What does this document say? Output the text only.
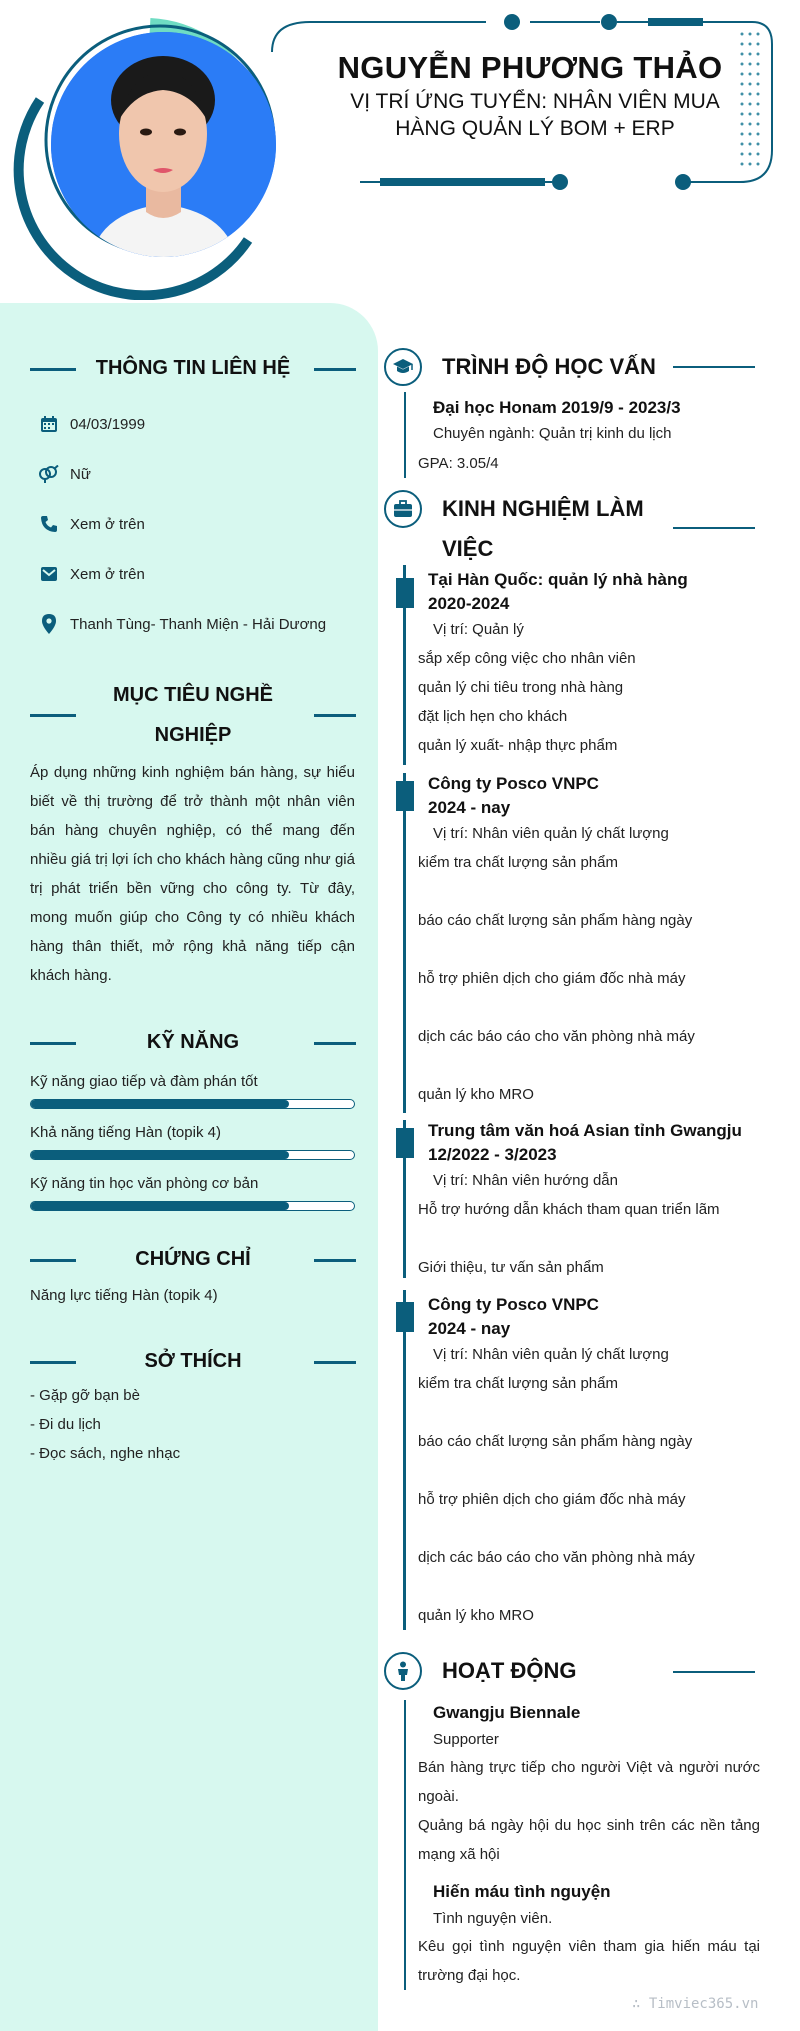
NGUYỄN PHƯƠNG THẢO
VỊ TRÍ ỨNG TUYỂN: NHÂN VIÊN MUA HÀNG QUẢN LÝ BOM + ERP
THÔNG TIN LIÊN HỆ
04/03/1999
Nữ
Xem ở trên
Xem ở trên
Thanh Tùng- Thanh Miện - Hải Dương
MỤC TIÊU NGHỀ
NGHIỆP
Áp dụng những kinh nghiệm bán hàng, sự hiểu biết về thị trường để trở thành một nhân viên bán hàng chuyên nghiệp, có thể mang đến nhiều giá trị lợi ích cho khách hàng cũng như giá trị phát triển bền vững cho công ty. Từ đây, mong muốn giúp cho Công ty có nhiều khách hàng thân thiết, mở rộng khả năng tiếp cận khách hàng.
KỸ NĂNG
Kỹ năng giao tiếp và đàm phán tốt
Khả năng tiếng Hàn (topik 4)
Kỹ năng tin học văn phòng cơ bản
CHỨNG CHỈ
Năng lực tiếng Hàn (topik 4)
SỞ THÍCH
- Gặp gỡ bạn bè
- Đi du lịch
- Đọc sách, nghe nhạc
TRÌNH ĐỘ HỌC VẤN
Đại học Honam 2019/9 - 2023/3
Chuyên ngành: Quản trị kinh du lịch
GPA: 3.05/4
KINH NGHIỆM LÀM
VIỆC
Tại Hàn Quốc: quản lý nhà hàng
2020-2024
Vị trí: Quản lý
sắp xếp công việc cho nhân viên
quản lý chi tiêu trong nhà hàng
đặt lịch hẹn cho khách
quản lý xuất- nhập thực phẩm
Công ty Posco VNPC
2024 - nay
Vị trí: Nhân viên quản lý chất lượng
kiểm tra chất lượng sản phẩm
báo cáo chất lượng sản phẩm hàng ngày
hỗ trợ phiên dịch cho giám đốc nhà máy
dịch các báo cáo cho văn phòng nhà máy
quản lý kho MRO
Trung tâm văn hoá Asian tỉnh Gwangju
12/2022 - 3/2023
Vị trí: Nhân viên hướng dẫn
Hỗ trợ hướng dẫn khách tham quan triển lãm
Giới thiệu, tư vấn sản phẩm
Công ty Posco VNPC
2024 - nay
Vị trí: Nhân viên quản lý chất lượng
kiểm tra chất lượng sản phẩm
báo cáo chất lượng sản phẩm hàng ngày
hỗ trợ phiên dịch cho giám đốc nhà máy
dịch các báo cáo cho văn phòng nhà máy
quản lý kho MRO
HOẠT ĐỘNG
Gwangju Biennale
Supporter
Bán hàng trực tiếp cho người Việt và người nước ngoài.
Quảng bá ngày hội du học sinh trên các nền tảng mạng xã hội
Hiến máu tình nguyện
Tình nguyện viên.
Kêu gọi tình nguyện viên tham gia hiến máu tại trường đại học.
∴ Timviec365.vn
